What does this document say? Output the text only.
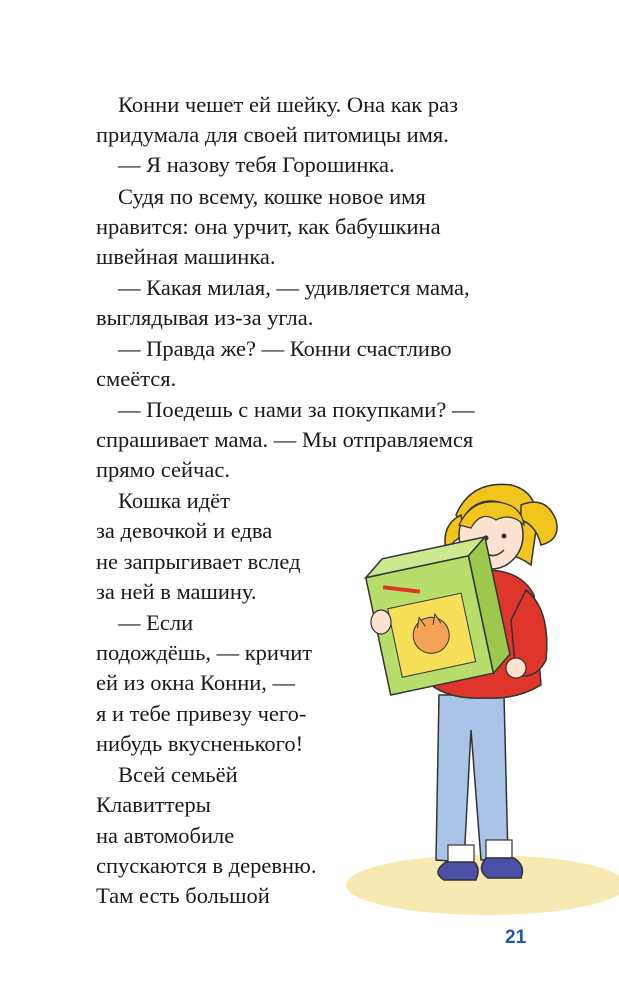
Конни чешет ей шейку. Она как раз
придумала для своей питомицы имя.
— Я назову тебя Горошинка.
Судя по всему, кошке новое имя
нравится: она урчит, как бабушкина
швейная машинка.
— Какая милая, — удивляется мама,
выглядывая из-за угла.
— Правда же? — Конни счастливо
смеётся.
— Поедешь с нами за покупками? —
спрашивает мама. — Мы отправляемся
прямо сейчас.
Кошка идёт
за девочкой и едва
не запрыгивает вслед
за ней в машину.
— Если
подождёшь, — кричит
ей из окна Конни, —
я и тебе привезу чего-
нибудь вкусненького!
Всей семьёй
Клавиттеры
на автомобиле
спускаются в деревню.
Там есть большой
21
